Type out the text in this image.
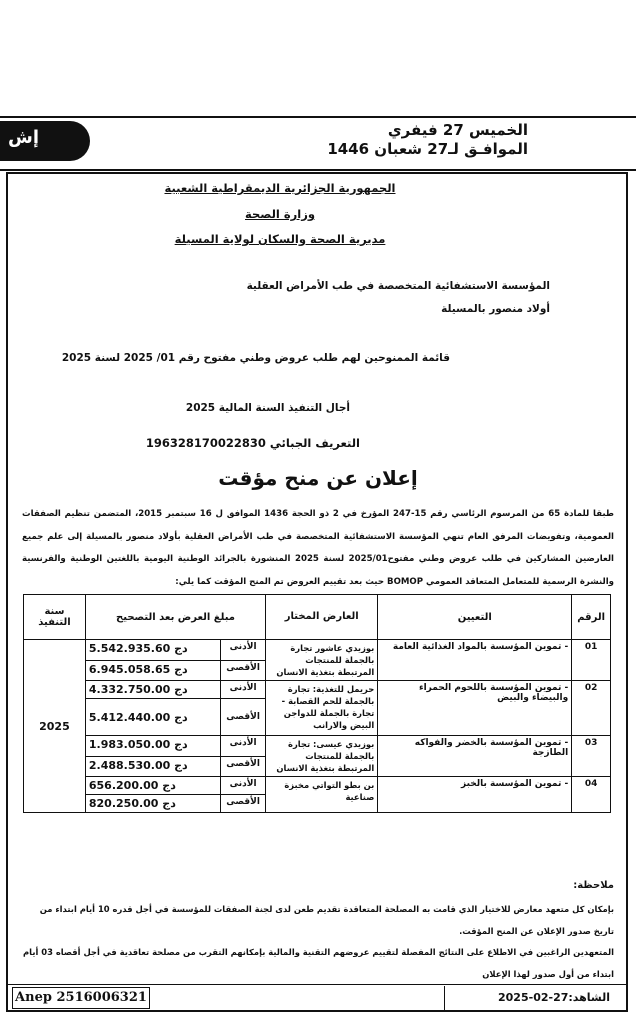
إش	الخميس 27 فيفري
الموافـق لـ27 شعبان 1446
الجمهورية الجزائرية الديمقراطية الشعبية
وزارة الصحة
مديرية الصحة والسكان لولاية المسيلة
المؤسسة الاستشفائية المتخصصة في طب الأمراض العقلية
أولاد منصور بالمسيلة
قائمة الممنوحين لهم طلب عروض وطني مفتوح رقم 01/ 2025 لسنة 2025
أجال التنفيذ السنة المالية 2025
التعريف الجبائي 196328170022830
إعلان عن منح مؤقت
طبقا للمادة 65 من المرسوم الرئاسي رقم 15-247 المؤرخ في 2 ذو الحجة 1436 الموافق ل 16 سبتمبر 2015، المتضمن تنظيم الصفقات العمومية، وتفويضات المرفق العام تنهي المؤسسة الاستشفائية المتخصصة في طب الأمراض العقلية بأولاد منصور بالمسيلة إلى علم جميع العارضين المشاركين في طلب عروض وطني مفتوح2025/01 لسنة 2025 المنشورة بالجرائد الوطنية اليومية باللغتين الوطنية والفرنسية والنشرة الرسمية للمتعامل المتعاقد العمومي BOMOP حيث بعد تقييم العروض تم المنح المؤقت كما يلي:
الرقم	التعيين	العارض المختار	مبلغ العرض بعد التصحيح		سنة التنفيذ
01	- تموين المؤسسة بالمواد الغذائية العامة	بوزيدي عاشور تجارة بالجملة للمنتجات المرتبطة بتغذية الانسان	الأدنى	5.542.935.60 دج	2025
			الأقصى	6.945.058.65 دج	
02	- تموين المؤسسة باللحوم الحمراء والبيضاء والبيض	حريمل للتغذية: تجارة بالجملة للحم القصابة - تجارة بالجملة للدواجن البيض والارانب	الأدنى	4.332.750.00 دج	
			الأقصى	5.412.440.00 دج	
03	- تموين المؤسسة بالخضر والفواكه الطازجة	بوزيدي عيسى: تجارة بالجملة للمنتجات المرتبطة بتغذية الانسان	الأدنى	1.983.050.00 دج	
			الأقصى	2.488.530.00 دج	
04	- تموين المؤسسة بالخبز	بن بطو التواتي مخبزة صناعية	الأدنى	656.200.00 دج	
			الأقصى	820.250.00 دج	
ملاحظة:
بإمكان كل متعهد معارض للاختيار الذي قامت به المصلحة المتعاقدة تقديم طعن لدى لجنة الصفقات للمؤسسة في أجل قدره 10 أيام ابتداء من تاريخ صدور الإعلان عن المنح المؤقت.
المتعهدين الراغبين في الاطلاع على النتائج المفصلة لتقييم عروضهم التقنية والمالية بإمكانهم التقرب من مصلحة تعاقدية في أجل أقصاه 03 أيام ابتداء من أول صدور لهذا الإعلان
Anep 2516006321	الشاهد:27-02-2025
